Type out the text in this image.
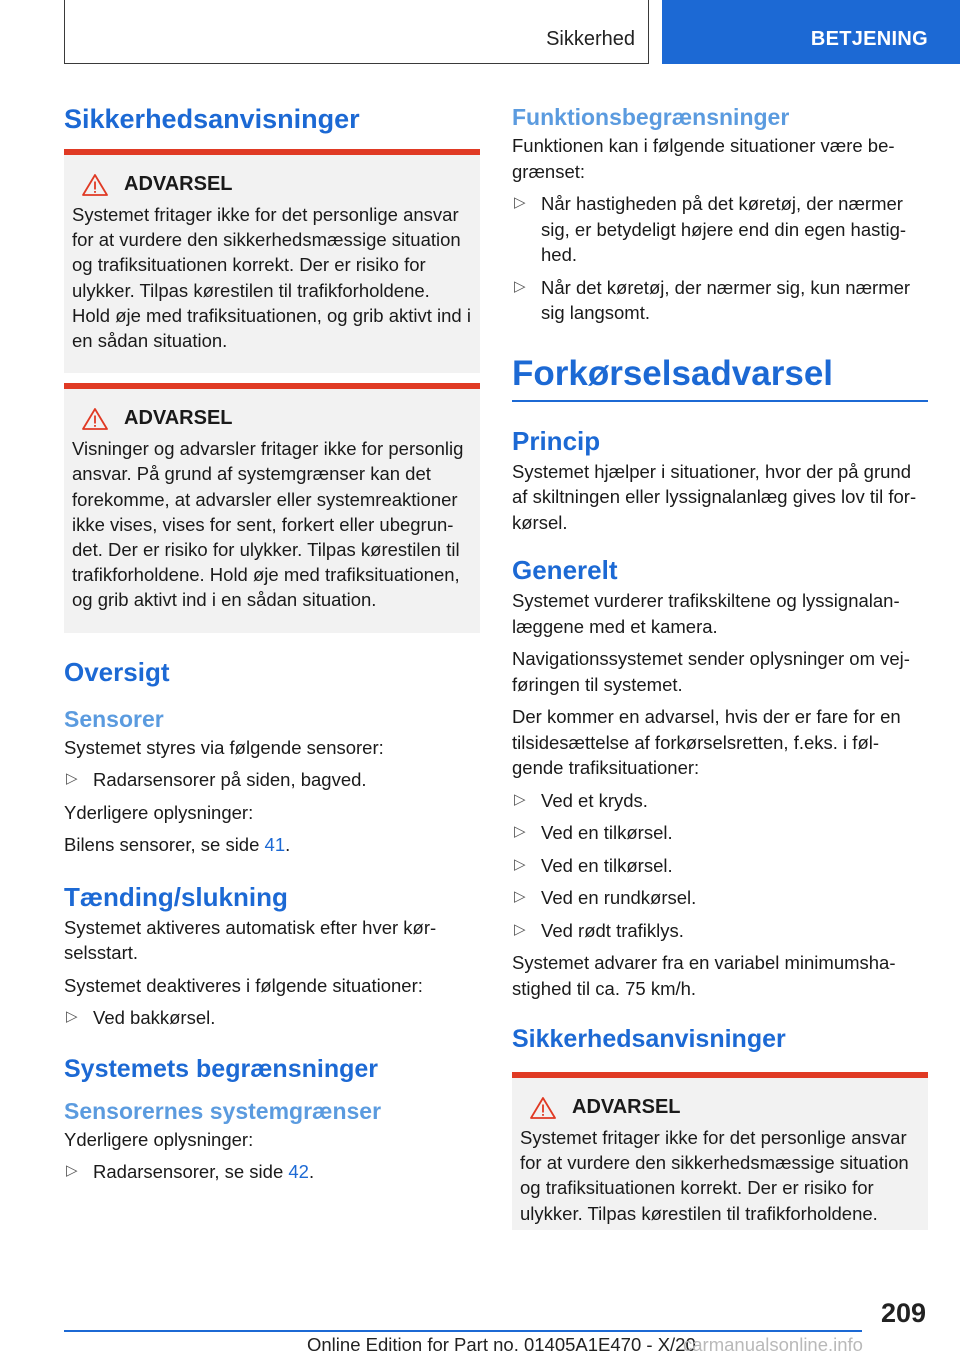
Sikkerhed	BETJENING
Sikkerhedsanvisninger
ADVARSEL

Systemet fritager ikke for det personlige ansvar for at vurdere den sikkerhedsmæssige situation og trafiksituationen korrekt. Der er risiko for ulykker. Tilpas kørestilen til trafikforholdene. Hold øje med trafiksituationen, og grib aktivt ind i en sådan situation.

ADVARSEL

Visninger og advarsler fritager ikke for personlig ansvar. På grund af systemgrænser kan det forekomme, at advarsler eller systemreaktioner ikke vises, vises for sent, forkert eller ubegrun-det. Der er risiko for ulykker. Tilpas kørestilen til trafikforholdene. Hold øje med trafiksituationen, og grib aktivt ind i en sådan situation.

Oversigt
Sensorer

Systemet styres via følgende sensorer:

▷ Radarsensorer på siden, bagved.

Yderligere oplysninger:

Bilens sensorer, se side 41.

Tænding/slukning

Systemet aktiveres automatisk efter hver kør-selsstart.

Systemet deaktiveres i følgende situationer:

▷ Ved bakkørsel.
Systemets begrænsninger
Sensorernes systemgrænser

Yderligere oplysninger:

▷ Radarsensorer, se side 42.
Funktionsbegrænsninger

Funktionen kan i følgende situationer være be-grænset:

▷ Når hastigheden på det køretøj, der nærmer sig, er betydeligt højere end din egen hastig-hed.
▷ Når det køretøj, der nærmer sig, kun nærmer sig langsomt.
Forkørselsadvarsel
Princip

Systemet hjælper i situationer, hvor der på grund af skiltningen eller lyssignalanlæg gives lov til for-kørsel.

Generelt

Systemet vurderer trafikskiltene og lyssignalan-læggene med et kamera.

Navigationssystemet sender oplysninger om vej-føringen til systemet.

Der kommer en advarsel, hvis der er fare for en tilsidesættelse af forkørselsretten, f.eks. i føl-gende trafiksituationer:

▷ Ved et kryds.
▷ Ved en tilkørsel.
▷ Ved en tilkørsel.
▷ Ved en rundkørsel.
▷ Ved rødt trafiklys.

Systemet advarer fra en variabel minimumsha-stighed til ca. 75 km/h.

Sikkerhedsanvisninger
ADVARSEL

Systemet fritager ikke for det personlige ansvar for at vurdere den sikkerhedsmæssige situation og trafiksituationen korrekt. Der er risiko for ulykker. Tilpas kørestilen til trafikforholdene.

209
Online Edition for Part no. 01405A1E470 - X/20
carmanualsonline.info
